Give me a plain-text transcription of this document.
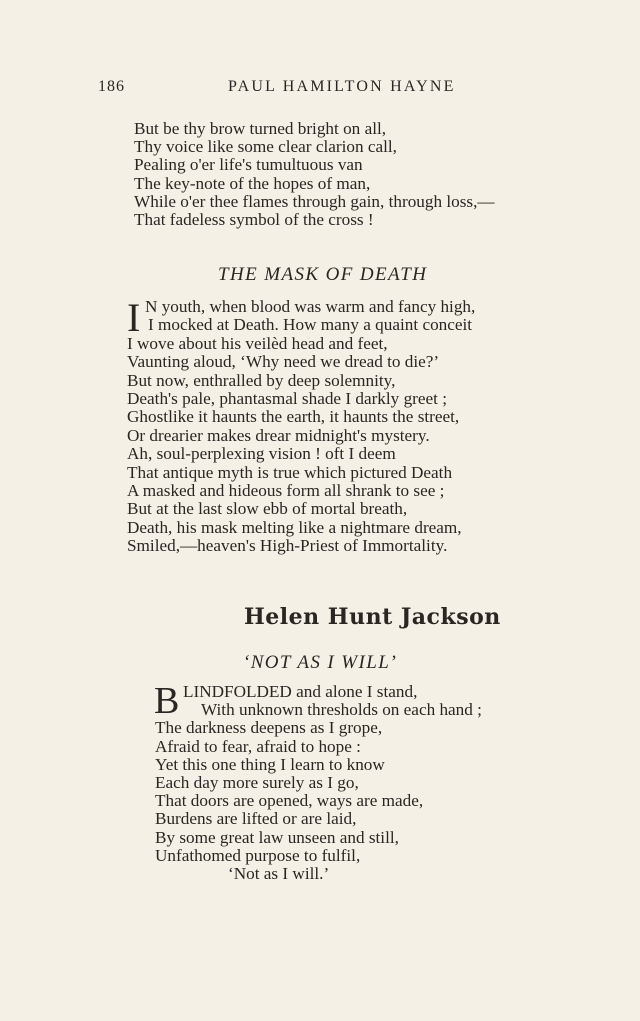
186	PAUL HAMILTON HAYNE
But be thy brow turned bright on all,
Thy voice like some clear clarion call,
Pealing o'er life's tumultuous van
The key-note of the hopes of man,
While o'er thee flames through gain, through loss,—
That fadeless symbol of the cross !
THE MASK OF DEATH
I N youth, when blood was warm and fancy high,
I mocked at Death. How many a quaint conceit
I wove about his veilèd head and feet,
Vaunting aloud, ‘Why need we dread to die?’
But now, enthralled by deep solemnity,
Death's pale, phantasmal shade I darkly greet ;
Ghostlike it haunts the earth, it haunts the street,
Or drearier makes drear midnight's mystery.
Ah, soul-perplexing vision ! oft I deem
That antique myth is true which pictured Death
A masked and hideous form all shrank to see ;
But at the last slow ebb of mortal breath,
Death, his mask melting like a nightmare dream,
Smiled,—heaven's High-Priest of Immortality.
Helen Hunt Jackson
‘NOT AS I WILL’
B LINDFOLDED and alone I stand,
With unknown thresholds on each hand ;
The darkness deepens as I grope,
Afraid to fear, afraid to hope :
Yet this one thing I learn to know
Each day more surely as I go,
That doors are opened, ways are made,
Burdens are lifted or are laid,
By some great law unseen and still,
Unfathomed purpose to fulfil,
‘Not as I will.’
